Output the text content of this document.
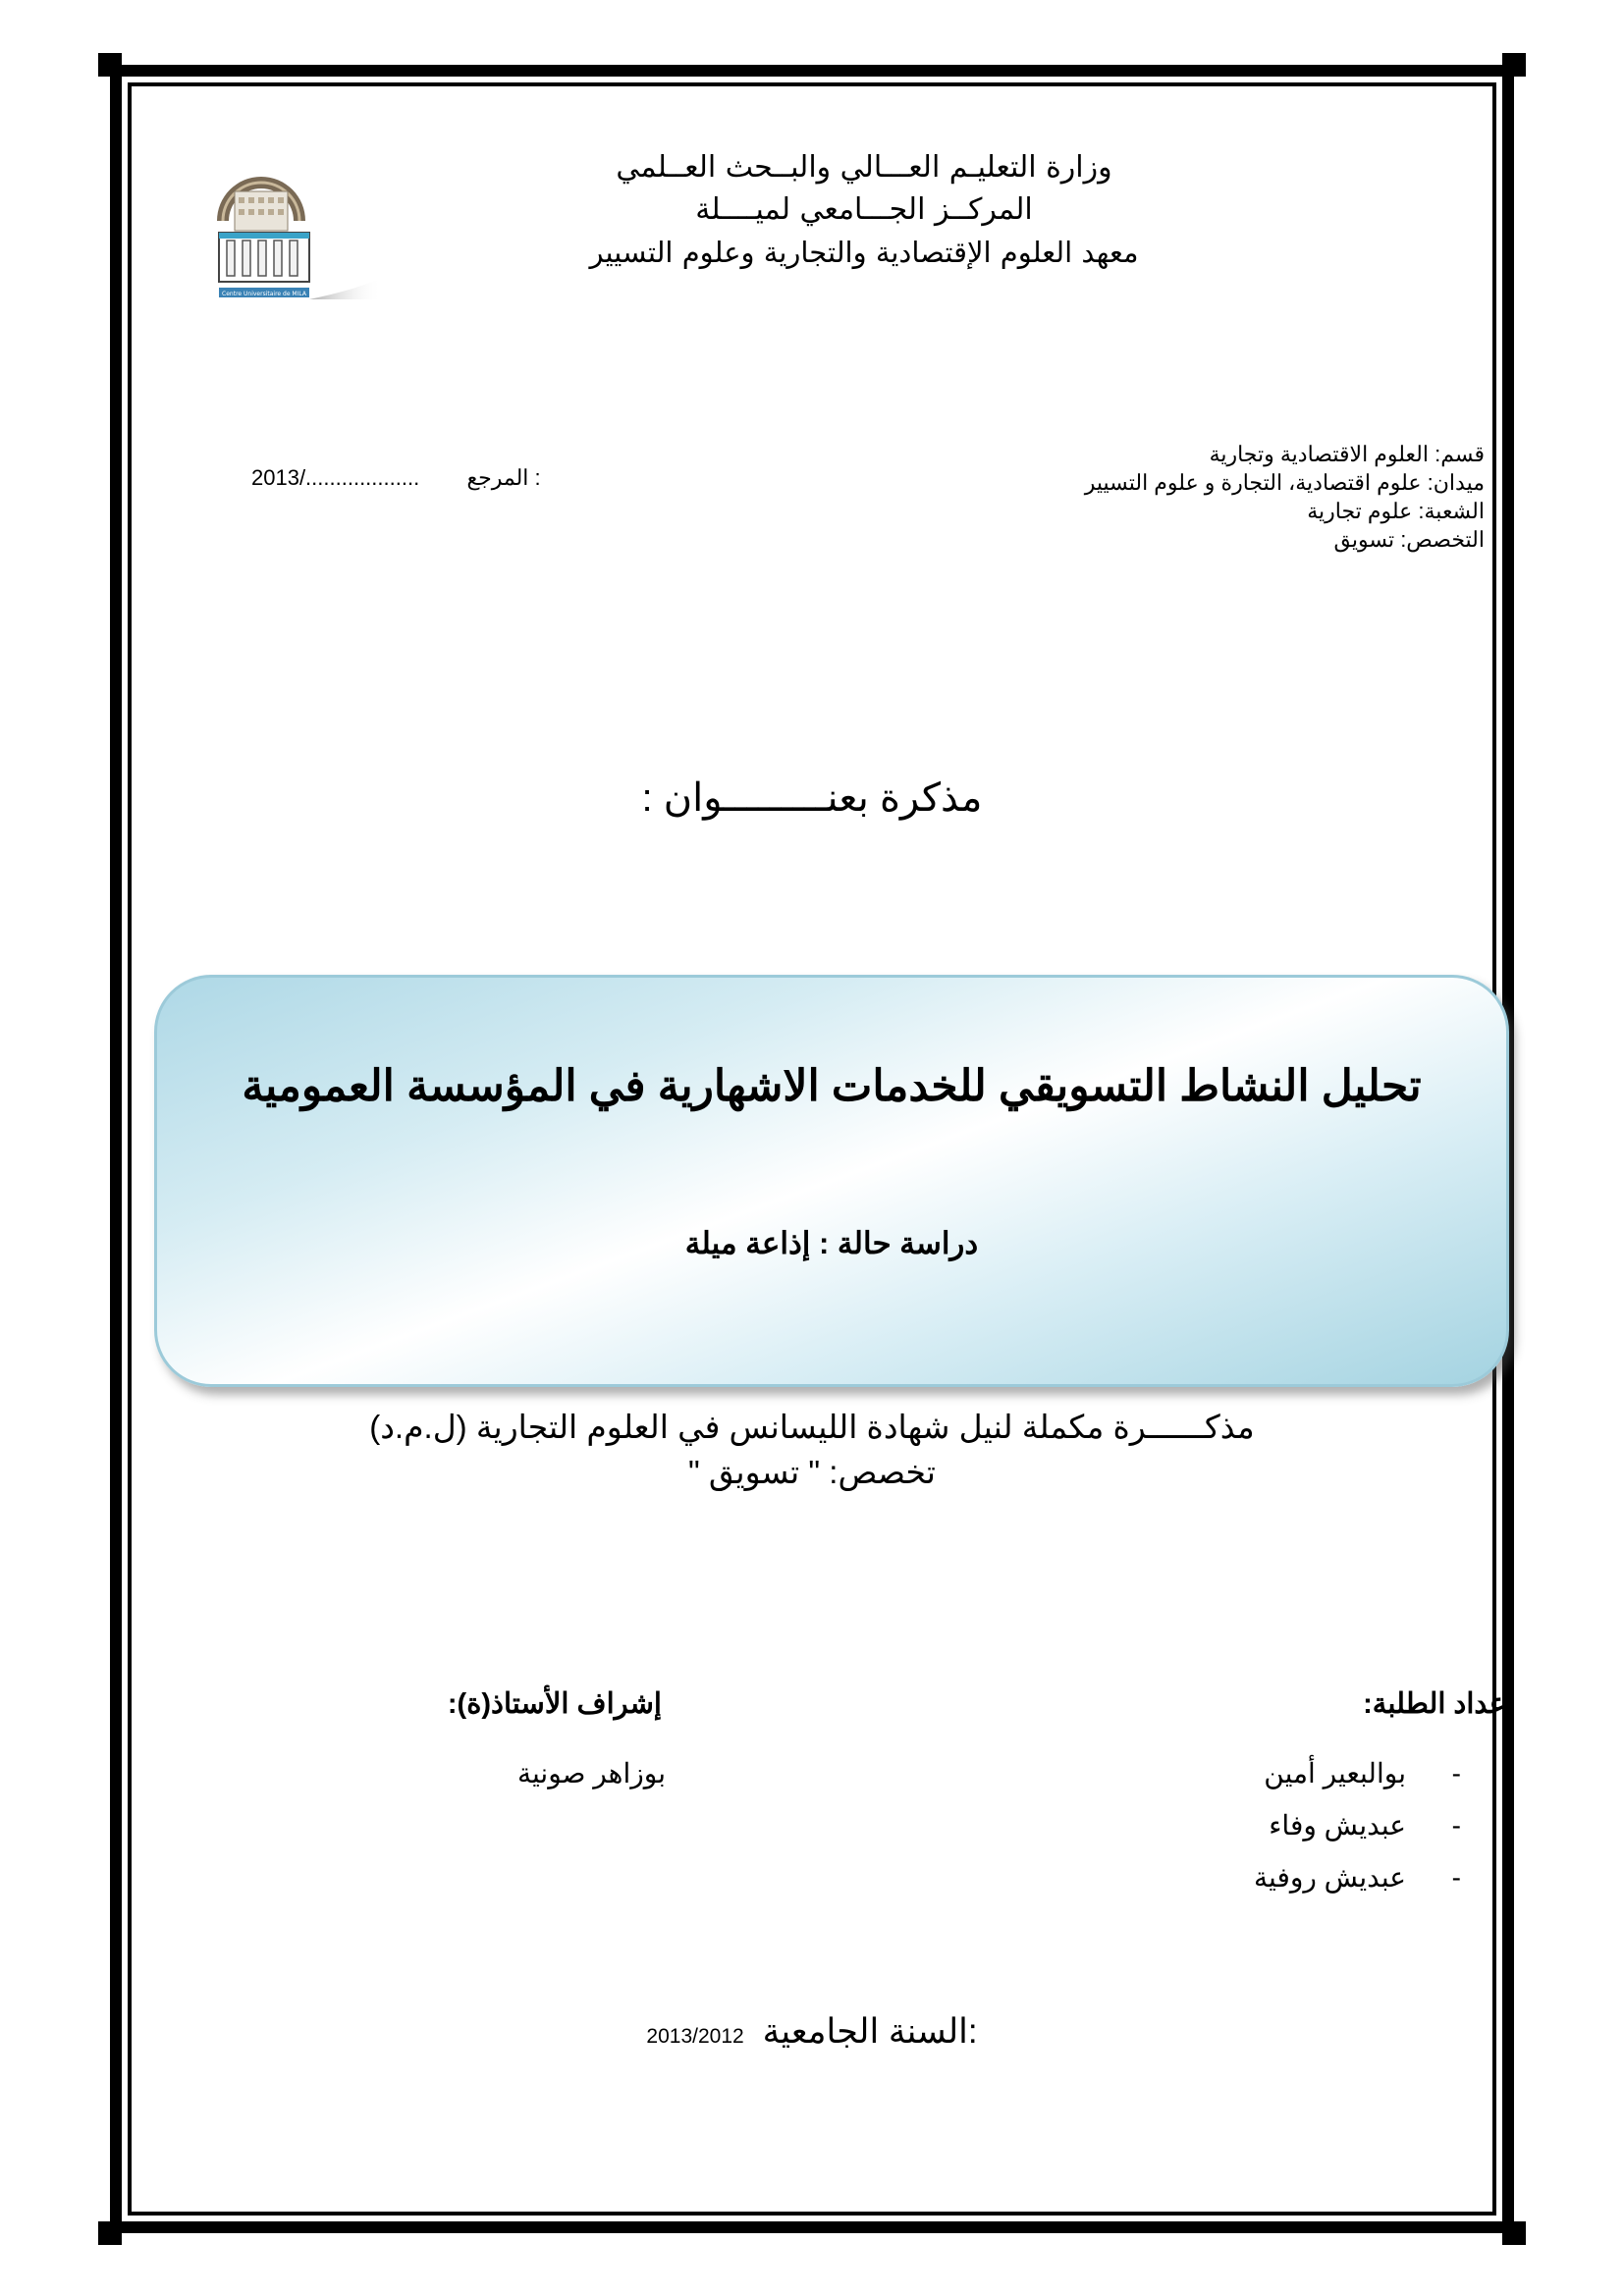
Centre Universitaire de MILA
وزارة التعليـم العـــالي والبــحث العــلمي
المركــز الجـــامعي لميــــلة
معهد العلوم الإقتصادية والتجارية وعلوم التسيير
قسم: العلوم الاقتصادية وتجارية
ميدان: علوم اقتصادية، التجارة و علوم التسيير
الشعبة: علوم تجارية
التخصص: تسويق
2013/................... المرجع :
مذكرة بعنـــــــــوان :
تحليل النشاط التسويقي للخدمات الاشهارية في المؤسسة العمومية
دراسة حالة : إذاعة ميلة
مذكــــــرة مكملة لنيل شهادة الليسانس في العلوم التجارية (ل.م.د)
تخصص: " تسويق "
إعداد الطلبة:
-بوالبعير أمين
-عبديش وفاء
-عبديش روفية
إشراف الأستاذ(ة):
بوزاهر صونية
2013/2012 السنة الجامعية:
